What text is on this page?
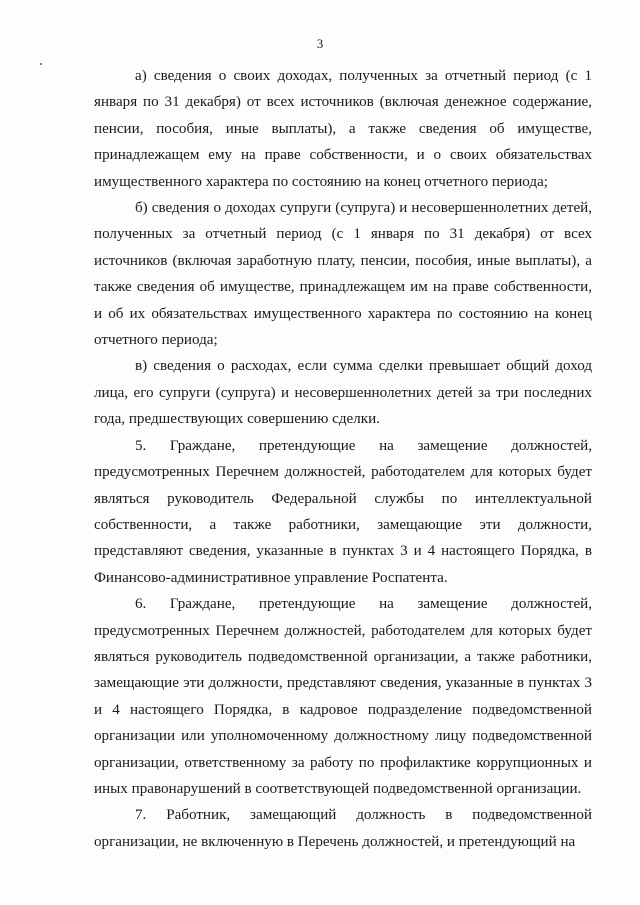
3

а) сведения о своих доходах, полученных за отчетный период (с 1 января по 31 декабря) от всех источников (включая денежное содержание, пенсии, пособия, иные выплаты), а также сведения об имуществе, принадлежащем ему на праве собственности, и о своих обязательствах имущественного характера по состоянию на конец отчетного периода;

б) сведения о доходах супруги (супруга) и несовершеннолетних детей, полученных за отчетный период (с 1 января по 31 декабря) от всех источников (включая заработную плату, пенсии, пособия, иные выплаты), а также сведения об имуществе, принадлежащем им на праве собственности, и об их обязательствах имущественного характера по состоянию на конец отчетного периода;

в) сведения о расходах, если сумма сделки превышает общий доход лица, его супруги (супруга) и несовершеннолетних детей за три последних года, предшествующих совершению сделки.

5. Граждане, претендующие на замещение должностей, предусмотренных Перечнем должностей, работодателем для которых будет являться руководитель Федеральной службы по интеллектуальной собственности, а также работники, замещающие эти должности, представляют сведения, указанные в пунктах 3 и 4 настоящего Порядка, в Финансово-административное управление Роспатента.

6. Граждане, претендующие на замещение должностей, предусмотренных Перечнем должностей, работодателем для которых будет являться руководитель подведомственной организации, а также работники, замещающие эти должности, представляют сведения, указанные в пунктах 3 и 4 настоящего Порядка, в кадровое подразделение подведомственной организации или уполномоченному должностному лицу подведомственной организации, ответственному за работу по профилактике коррупционных и иных правонарушений в соответствующей подведомственной организации.

7. Работник, замещающий должность в подведомственной организации, не включенную в Перечень должностей, и претендующий на
